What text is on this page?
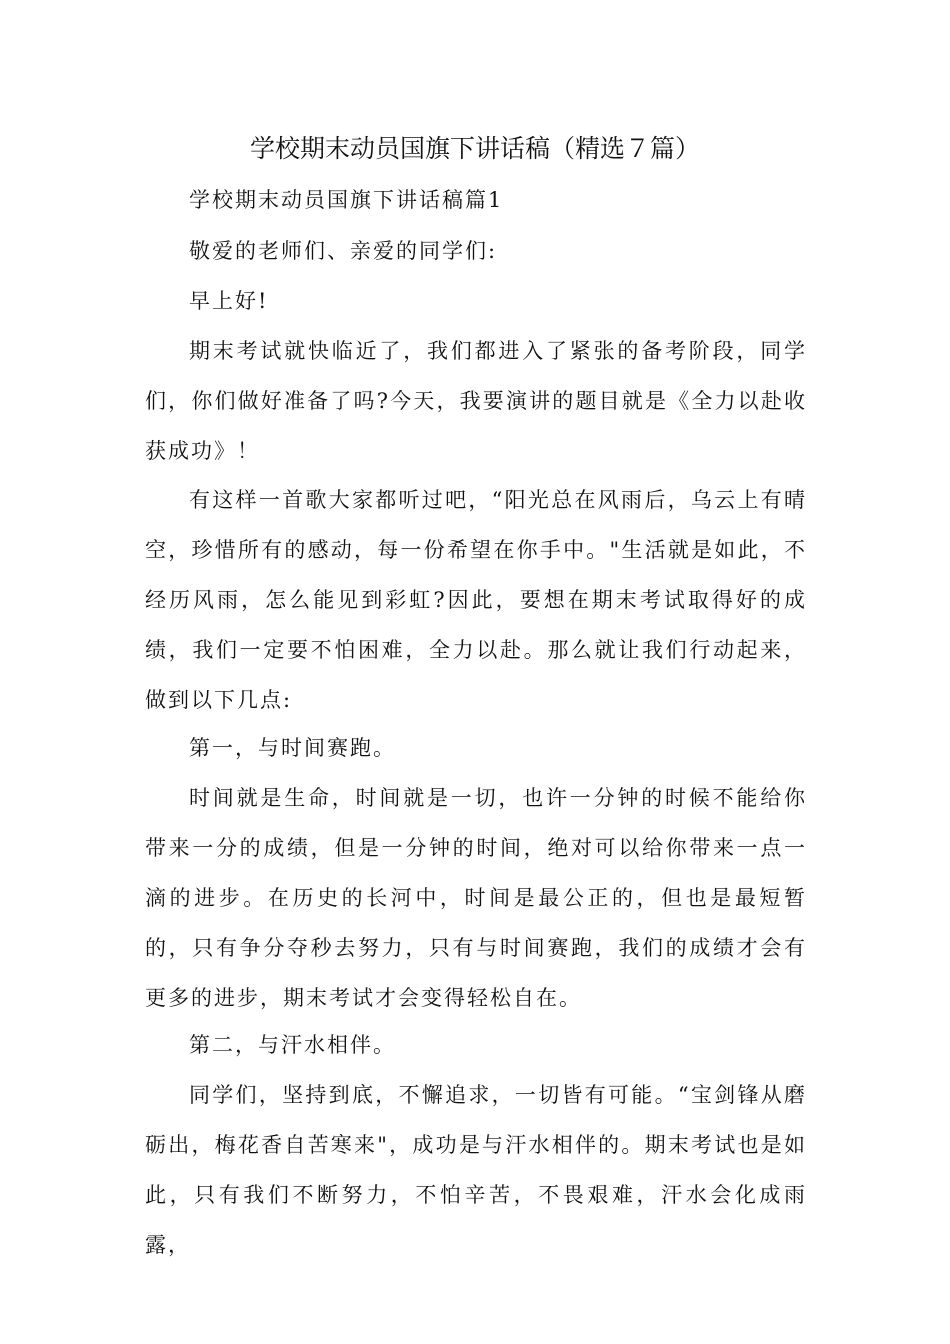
学校期末动员国旗下讲话稿（精选７篇）

学校期末动员国旗下讲话稿篇1

敬爱的老师们、亲爱的同学们:

早上好!

期末考试就快临近了，我们都进入了紧张的备考阶段，同学们，你们做好准备了吗?今天，我要演讲的题目就是《全力以赴收获成功》！

有这样一首歌大家都听过吧，“阳光总在风雨后，乌云上有晴空，珍惜所有的感动，每一份希望在你手中。"生活就是如此，不经历风雨，怎么能见到彩虹?因此，要想在期末考试取得好的成绩，我们一定要不怕困难，全力以赴。那么就让我们行动起来，做到以下几点:

第一，与时间赛跑。

时间就是生命，时间就是一切，也许一分钟的时候不能给你带来一分的成绩，但是一分钟的时间，绝对可以给你带来一点一滴的进步。在历史的长河中，时间是最公正的，但也是最短暂的，只有争分夺秒去努力，只有与时间赛跑，我们的成绩才会有更多的进步，期末考试才会变得轻松自在。

第二，与汗水相伴。

同学们，坚持到底，不懈追求，一切皆有可能。“宝剑锋从磨砺出，梅花香自苦寒来"，成功是与汗水相伴的。期末考试也是如此，只有我们不断努力，不怕辛苦，不畏艰难，汗水会化成雨露，
